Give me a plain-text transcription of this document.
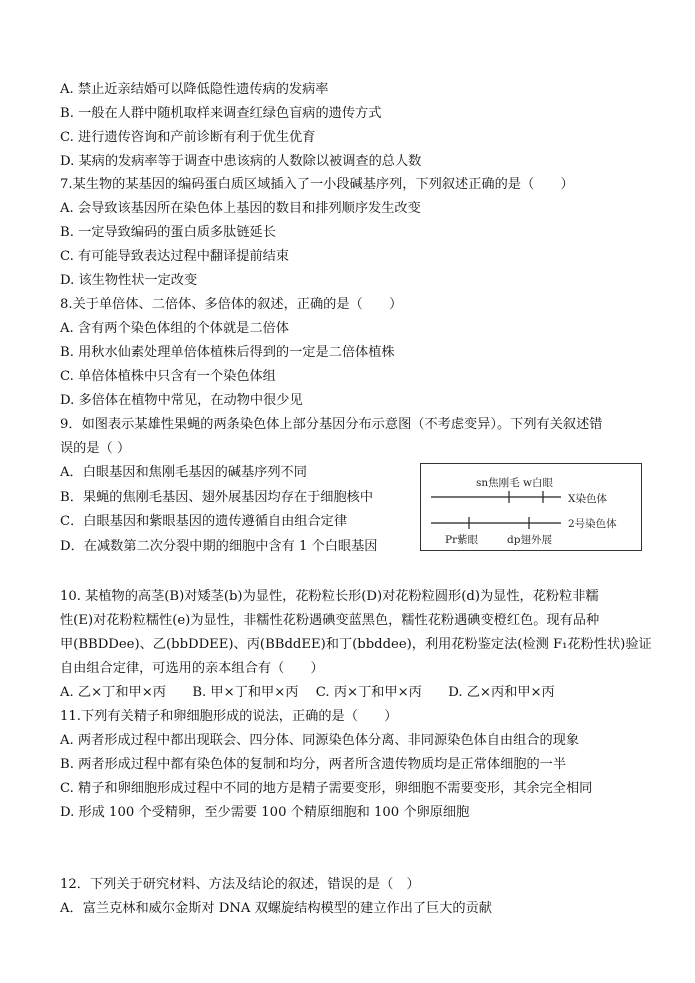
A. 禁止近亲结婚可以降低隐性遗传病的发病率
B. 一般在人群中随机取样来调查红绿色盲病的遗传方式
C. 进行遗传咨询和产前诊断有利于优生优育
D. 某病的发病率等于调查中患该病的人数除以被调查的总人数
7.某生物的某基因的编码蛋白质区域插入了一小段碱基序列，下列叙述正确的是（　　）
A. 会导致该基因所在染色体上基因的数目和排列顺序发生改变
B. 一定导致编码的蛋白质多肽链延长
C. 有可能导致表达过程中翻译提前结束
D. 该生物性状一定改变
8.关于单倍体、二倍体、多倍体的叙述，正确的是（　　）
A. 含有两个染色体组的个体就是二倍体
B. 用秋水仙素处理单倍体植株后得到的一定是二倍体植株
C. 单倍体植株中只含有一个染色体组
D. 多倍体在植物中常见，在动物中很少见
9．如图表示某雄性果蝇的两条染色体上部分基因分布示意图（不考虑变异）。下列有关叙述错
误的是（ ）
A．白眼基因和焦刚毛基因的碱基序列不同
B．果蝇的焦刚毛基因、翅外展基因均存在于细胞核中
C．白眼基因和紫眼基因的遗传遵循自由组合定律
D．在减数第二次分裂中期的细胞中含有 1 个白眼基因
sn焦刚毛 w白眼
X染色体
2号染色体
Pr紫眼	dp翅外展
10. 某植物的高茎(B)对矮茎(b)为显性，花粉粒长形(D)对花粉粒圆形(d)为显性，花粉粒非糯
性(E)对花粉粒糯性(e)为显性，非糯性花粉遇碘变蓝黑色，糯性花粉遇碘变橙红色。现有品种
甲(BBDDee)、乙(bbDDEE)、丙(BBddEE)和丁(bbddee)，利用花粉鉴定法(检测 F₁花粉性状)验证
自由组合定律，可选用的亲本组合有（　　）
A. 乙×丁和甲×丙　　B. 甲×丁和甲×丙　 C. 丙×丁和甲×丙　　D. 乙×丙和甲×丙
11.下列有关精子和卵细胞形成的说法，正确的是（　　）
A. 两者形成过程中都出现联会、四分体、同源染色体分离、非同源染色体自由组合的现象
B. 两者形成过程中都有染色体的复制和均分，两者所含遗传物质均是正常体细胞的一半
C. 精子和卵细胞形成过程中不同的地方是精子需要变形，卵细胞不需要变形，其余完全相同
D. 形成 100 个受精卵，至少需要 100 个精原细胞和 100 个卵原细胞
12．下列关于研究材料、方法及结论的叙述，错误的是（　）
A．富兰克林和威尔金斯对 DNA 双螺旋结构模型的建立作出了巨大的贡献
